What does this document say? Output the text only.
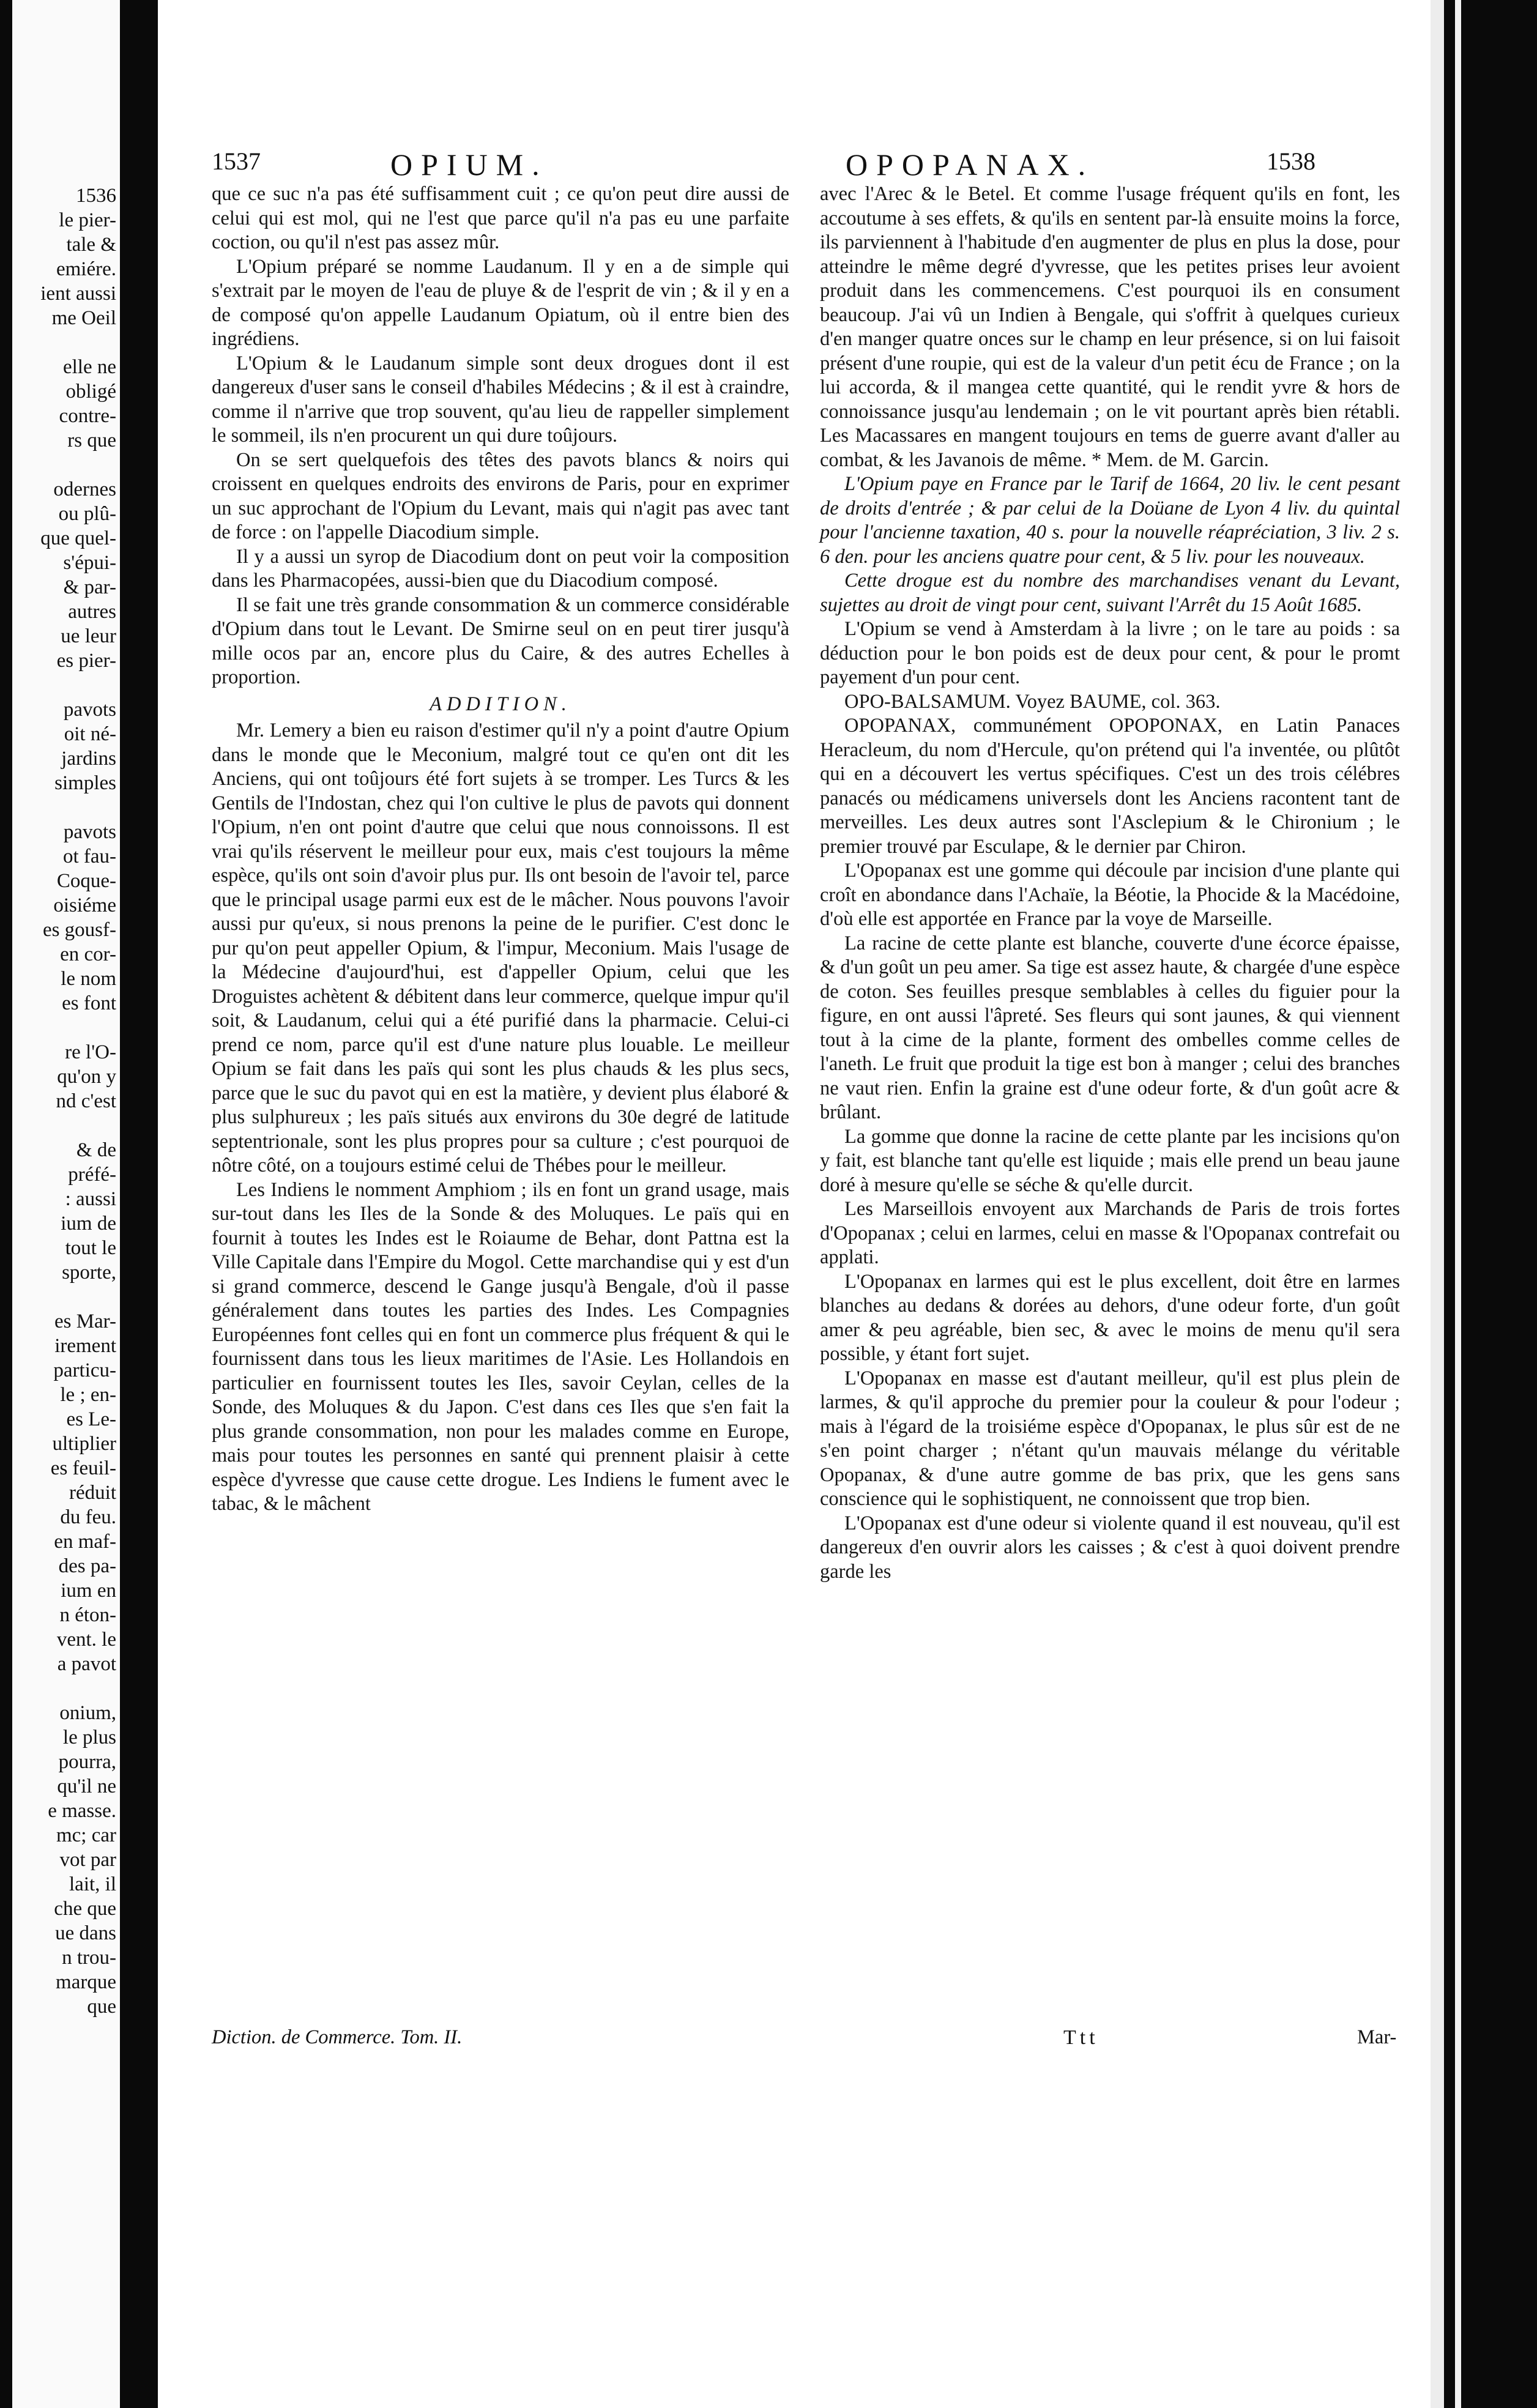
1536
le pier-
tale &
emiére.
ient aussi
me Oeil

elle ne
obligé
contre-
rs que

odernes
ou plû-
que quel-
s'épui-
& par-
autres
ue leur
es pier-

pavots
oit né-
jardins
simples

pavots
ot fau-
Coque-
oisiéme
es gousf-
en cor-
le nom
es font

re l'O-
qu'on y
nd c'est

& de
préfé-
: aussi
ium de
tout le
sporte,

es Mar-
irement
particu-
le ; en-
es Le-
ultiplier
es feuil-
réduit
du feu.
en maf-
des pa-
ium en
n éton-
vent. le
a pavot

onium,
le plus
pourra,
qu'il ne
e masse.
mc; car
vot par
lait, il
che que
ue dans
n trou-
marque
que
1537	OPIUM.	OPOPANAX.	1538

que ce suc n'a pas été suffisamment cuit ; ce qu'on peut dire aussi de celui qui est mol, qui ne l'est que parce qu'il n'a pas eu une parfaite coction, ou qu'il n'est pas assez mûr.

L'Opium préparé se nomme Laudanum. Il y en a de simple qui s'extrait par le moyen de l'eau de pluye & de l'esprit de vin ; & il y en a de composé qu'on appelle Laudanum Opiatum, où il entre bien des ingrédiens.

L'Opium & le Laudanum simple sont deux drogues dont il est dangereux d'user sans le conseil d'habiles Médecins ; & il est à craindre, comme il n'arrive que trop souvent, qu'au lieu de rappeller simplement le sommeil, ils n'en procurent un qui dure toûjours.

On se sert quelquefois des têtes des pavots blancs & noirs qui croissent en quelques endroits des environs de Paris, pour en exprimer un suc approchant de l'Opium du Levant, mais qui n'agit pas avec tant de force : on l'appelle Diacodium simple.

Il y a aussi un syrop de Diacodium dont on peut voir la composition dans les Pharmacopées, aussi-bien que du Diacodium composé.

Il se fait une très grande consommation & un commerce considérable d'Opium dans tout le Levant. De Smirne seul on en peut tirer jusqu'à mille ocos par an, encore plus du Caire, & des autres Echelles à proportion.

ADDITION.

Mr. Lemery a bien eu raison d'estimer qu'il n'y a point d'autre Opium dans le monde que le Meconium, malgré tout ce qu'en ont dit les Anciens, qui ont toûjours été fort sujets à se tromper. Les Turcs & les Gentils de l'Indostan, chez qui l'on cultive le plus de pavots qui donnent l'Opium, n'en ont point d'autre que celui que nous connoissons. Il est vrai qu'ils réservent le meilleur pour eux, mais c'est toujours la même espèce, qu'ils ont soin d'avoir plus pur. Ils ont besoin de l'avoir tel, parce que le principal usage parmi eux est de le mâcher. Nous pouvons l'avoir aussi pur qu'eux, si nous prenons la peine de le purifier. C'est donc le pur qu'on peut appeller Opium, & l'impur, Meconium. Mais l'usage de la Médecine d'aujourd'hui, est d'appeller Opium, celui que les Droguistes achètent & débitent dans leur commerce, quelque impur qu'il soit, & Laudanum, celui qui a été purifié dans la pharmacie. Celui-ci prend ce nom, parce qu'il est d'une nature plus louable. Le meilleur Opium se fait dans les païs qui sont les plus chauds & les plus secs, parce que le suc du pavot qui en est la matière, y devient plus élaboré & plus sulphureux ; les païs situés aux environs du 30e degré de latitude septentrionale, sont les plus propres pour sa culture ; c'est pourquoi de nôtre côté, on a toujours estimé celui de Thébes pour le meilleur.

Les Indiens le nomment Amphiom ; ils en font un grand usage, mais sur-tout dans les Iles de la Sonde & des Moluques. Le païs qui en fournit à toutes les Indes est le Roiaume de Behar, dont Pattna est la Ville Capitale dans l'Empire du Mogol. Cette marchandise qui y est d'un si grand commerce, descend le Gange jusqu'à Bengale, d'où il passe généralement dans toutes les parties des Indes. Les Compagnies Européennes font celles qui en font un commerce plus fréquent & qui le fournissent dans tous les lieux maritimes de l'Asie. Les Hollandois en particulier en fournissent toutes les Iles, savoir Ceylan, celles de la Sonde, des Moluques & du Japon. C'est dans ces Iles que s'en fait la plus grande consommation, non pour les malades comme en Europe, mais pour toutes les personnes en santé qui prennent plaisir à cette espèce d'yvresse que cause cette drogue. Les Indiens le fument avec le tabac, & le mâchent

avec l'Arec & le Betel. Et comme l'usage fréquent qu'ils en font, les accoutume à ses effets, & qu'ils en sentent par-là ensuite moins la force, ils parviennent à l'habitude d'en augmenter de plus en plus la dose, pour atteindre le même degré d'yvresse, que les petites prises leur avoient produit dans les commencemens. C'est pourquoi ils en consument beaucoup. J'ai vû un Indien à Bengale, qui s'offrit à quelques curieux d'en manger quatre onces sur le champ en leur présence, si on lui faisoit présent d'une roupie, qui est de la valeur d'un petit écu de France ; on la lui accorda, & il mangea cette quantité, qui le rendit yvre & hors de connoissance jusqu'au lendemain ; on le vit pourtant après bien rétabli. Les Macassares en mangent toujours en tems de guerre avant d'aller au combat, & les Javanois de même. * Mem. de M. Garcin.

L'Opium paye en France par le Tarif de 1664, 20 liv. le cent pesant de droits d'entrée ; & par celui de la Doüane de Lyon 4 liv. du quintal pour l'ancienne taxation, 40 s. pour la nouvelle réapréciation, 3 liv. 2 s. 6 den. pour les anciens quatre pour cent, & 5 liv. pour les nouveaux.

Cette drogue est du nombre des marchandises venant du Levant, sujettes au droit de vingt pour cent, suivant l'Arrêt du 15 Août 1685.

L'Opium se vend à Amsterdam à la livre ; on le tare au poids : sa déduction pour le bon poids est de deux pour cent, & pour le promt payement d'un pour cent.

OPO-BALSAMUM. Voyez BAUME, col. 363.

OPOPANAX, communément OPOPONAX, en Latin Panaces Heracleum, du nom d'Hercule, qu'on prétend qui l'a inventée, ou plûtôt qui en a découvert les vertus spécifiques. C'est un des trois célébres panacés ou médicamens universels dont les Anciens racontent tant de merveilles. Les deux autres sont l'Asclepium & le Chironium ; le premier trouvé par Esculape, & le dernier par Chiron.

L'Opopanax est une gomme qui découle par incision d'une plante qui croît en abondance dans l'Achaïe, la Béotie, la Phocide & la Macédoine, d'où elle est apportée en France par la voye de Marseille.

La racine de cette plante est blanche, couverte d'une écorce épaisse, & d'un goût un peu amer. Sa tige est assez haute, & chargée d'une espèce de coton. Ses feuilles presque semblables à celles du figuier pour la figure, en ont aussi l'âpreté. Ses fleurs qui sont jaunes, & qui viennent tout à la cime de la plante, forment des ombelles comme celles de l'aneth. Le fruit que produit la tige est bon à manger ; celui des branches ne vaut rien. Enfin la graine est d'une odeur forte, & d'un goût acre & brûlant.

La gomme que donne la racine de cette plante par les incisions qu'on y fait, est blanche tant qu'elle est liquide ; mais elle prend un beau jaune doré à mesure qu'elle se séche & qu'elle durcit.

Les Marseillois envoyent aux Marchands de Paris de trois fortes d'Opopanax ; celui en larmes, celui en masse & l'Opopanax contrefait ou applati.

L'Opopanax en larmes qui est le plus excellent, doit être en larmes blanches au dedans & dorées au dehors, d'une odeur forte, d'un goût amer & peu agréable, bien sec, & avec le moins de menu qu'il sera possible, y étant fort sujet.

L'Opopanax en masse est d'autant meilleur, qu'il est plus plein de larmes, & qu'il approche du premier pour la couleur & pour l'odeur ; mais à l'égard de la troisiéme espèce d'Opopanax, le plus sûr est de ne s'en point charger ; n'étant qu'un mauvais mélange du véritable Opopanax, & d'une autre gomme de bas prix, que les gens sans conscience qui le sophistiquent, ne connoissent que trop bien.

L'Opopanax est d'une odeur si violente quand il est nouveau, qu'il est dangereux d'en ouvrir alors les caisses ; & c'est à quoi doivent prendre garde les

Diction. de Commerce. Tom. II.	Ttt	Mar-
